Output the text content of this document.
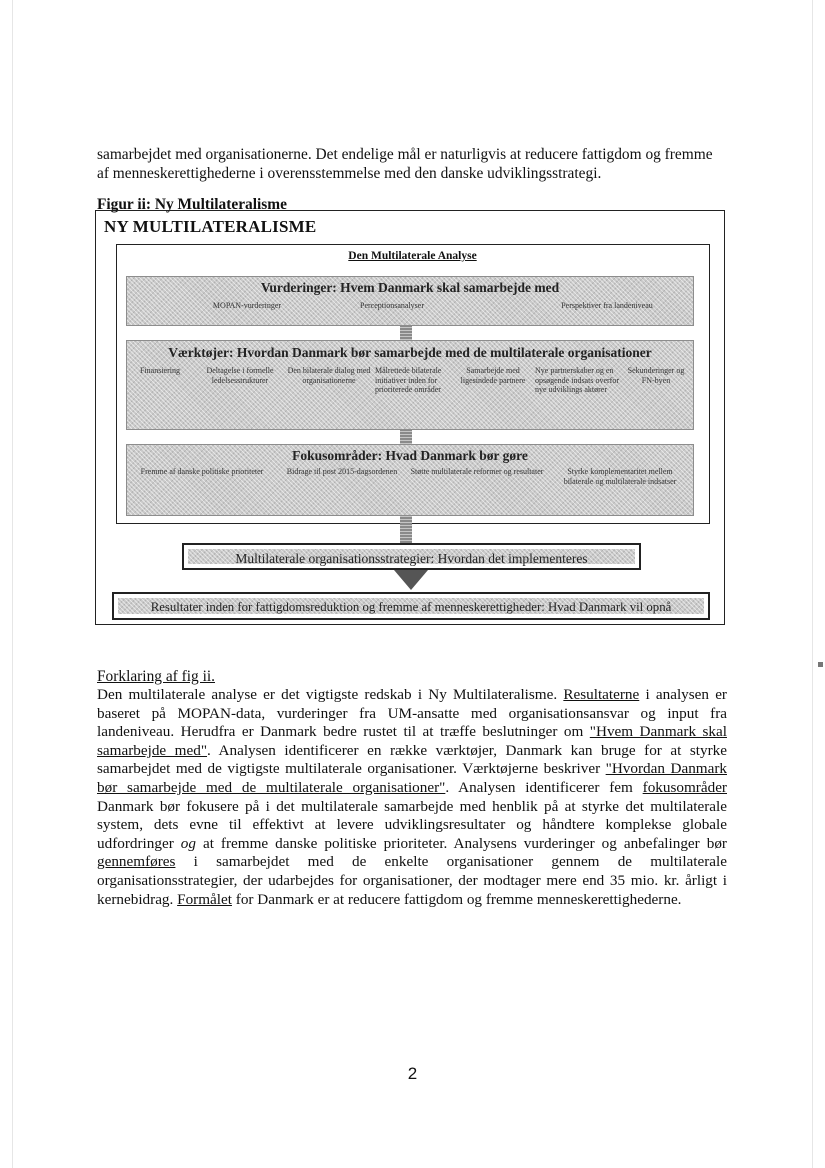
samarbejdet med organisationerne. Det endelige mål er naturligvis at reducere fattigdom og fremme
af menneskerettighederne i overensstemmelse med den danske udviklingsstrategi.
Figur ii: Ny Multilateralisme
NY MULTILATERALISME
Den Multilaterale Analyse
Vurderinger: Hvem Danmark skal samarbejde med
MOPAN-vurderinger	Perceptionsanalyser	Perspektiver fra landeniveau
Værktøjer: Hvordan Danmark bør samarbejde med de multilaterale organisationer
Finansiering	Deltagelse i formelle ledelsesstrukturer
Den bilaterale dialog med organisationerne
Målrettede bilaterale initiativer inden for prioriterede områder
Samarbejde med ligesindede partnere
Nye partnerskaber og en opsøgende indsats overfor nye udviklings aktører
Sekunderinger og FN-byen
Fokusområder: Hvad Danmark bør gøre
Fremme af danske politiske prioriteter	Bidrage til post 2015-dagsordenen	Støtte multilaterale reformer og resultater	Styrke komplementaritet mellem bilaterale og multilaterale indsatser
Multilaterale organisationsstrategier: Hvordan det implementeres
Resultater inden for fattigdomsreduktion og fremme af menneskerettigheder: Hvad Danmark vil opnå
Forklaring af fig ii.
Den multilaterale analyse er det vigtigste redskab i Ny Multilateralisme. Resultaterne i analysen er baseret på MOPAN-data, vurderinger fra UM-ansatte med organisationsansvar og input fra landeniveau. Herudfra er Danmark bedre rustet til at træffe beslutninger om "Hvem Danmark skal samarbejde med". Analysen identificerer en række værktøjer, Danmark kan bruge for at styrke samarbejdet med de vigtigste multilaterale organisationer. Værktøjerne beskriver "Hvordan Danmark bør samarbejde med de multilaterale organisationer". Analysen identificerer fem fokusområder Danmark bør fokusere på i det multilaterale samarbejde med henblik på at styrke det multilaterale system, dets evne til effektivt at levere udviklingsresultater og håndtere komplekse globale udfordringer og at fremme danske politiske prioriteter. Analysens vurderinger og anbefalinger bør gennemføres i samarbejdet med de enkelte organisationer gennem de multilaterale organisationsstrategier, der udarbejdes for organisationer, der modtager mere end 35 mio. kr. årligt i kernebidrag. Formålet for Danmark er at reducere fattigdom og fremme menneskerettighederne.
2
